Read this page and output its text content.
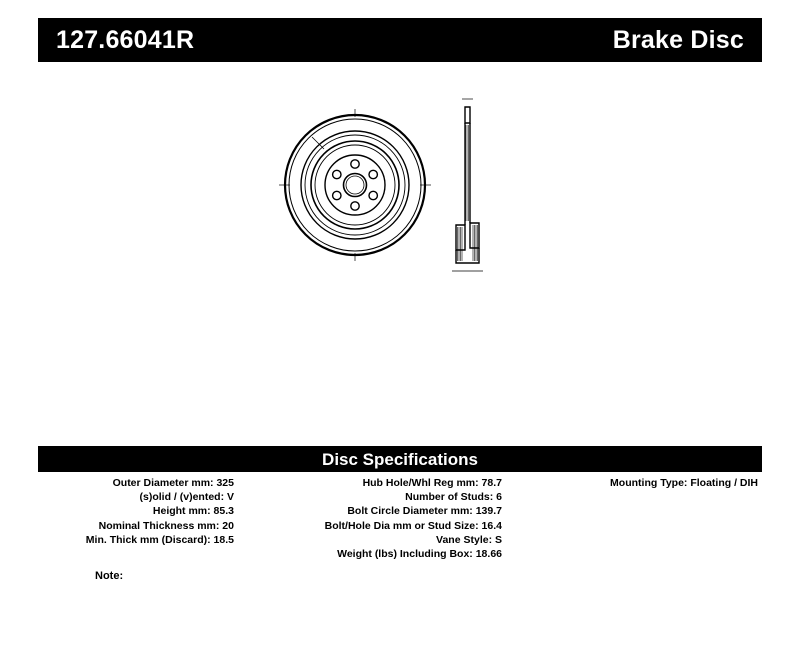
127.66041R	Brake Disc
Disc Specifications
Outer Diameter mm: 325
(s)olid / (v)ented: V
Height mm: 85.3
Nominal Thickness mm: 20
Min. Thick mm (Discard): 18.5
Hub Hole/Whl Reg mm: 78.7
Number of Studs: 6
Bolt Circle Diameter mm: 139.7
Bolt/Hole Dia mm or Stud Size: 16.4
Vane Style: S
Weight (lbs) Including Box: 18.66
Mounting Type: Floating / DIH
Note:
